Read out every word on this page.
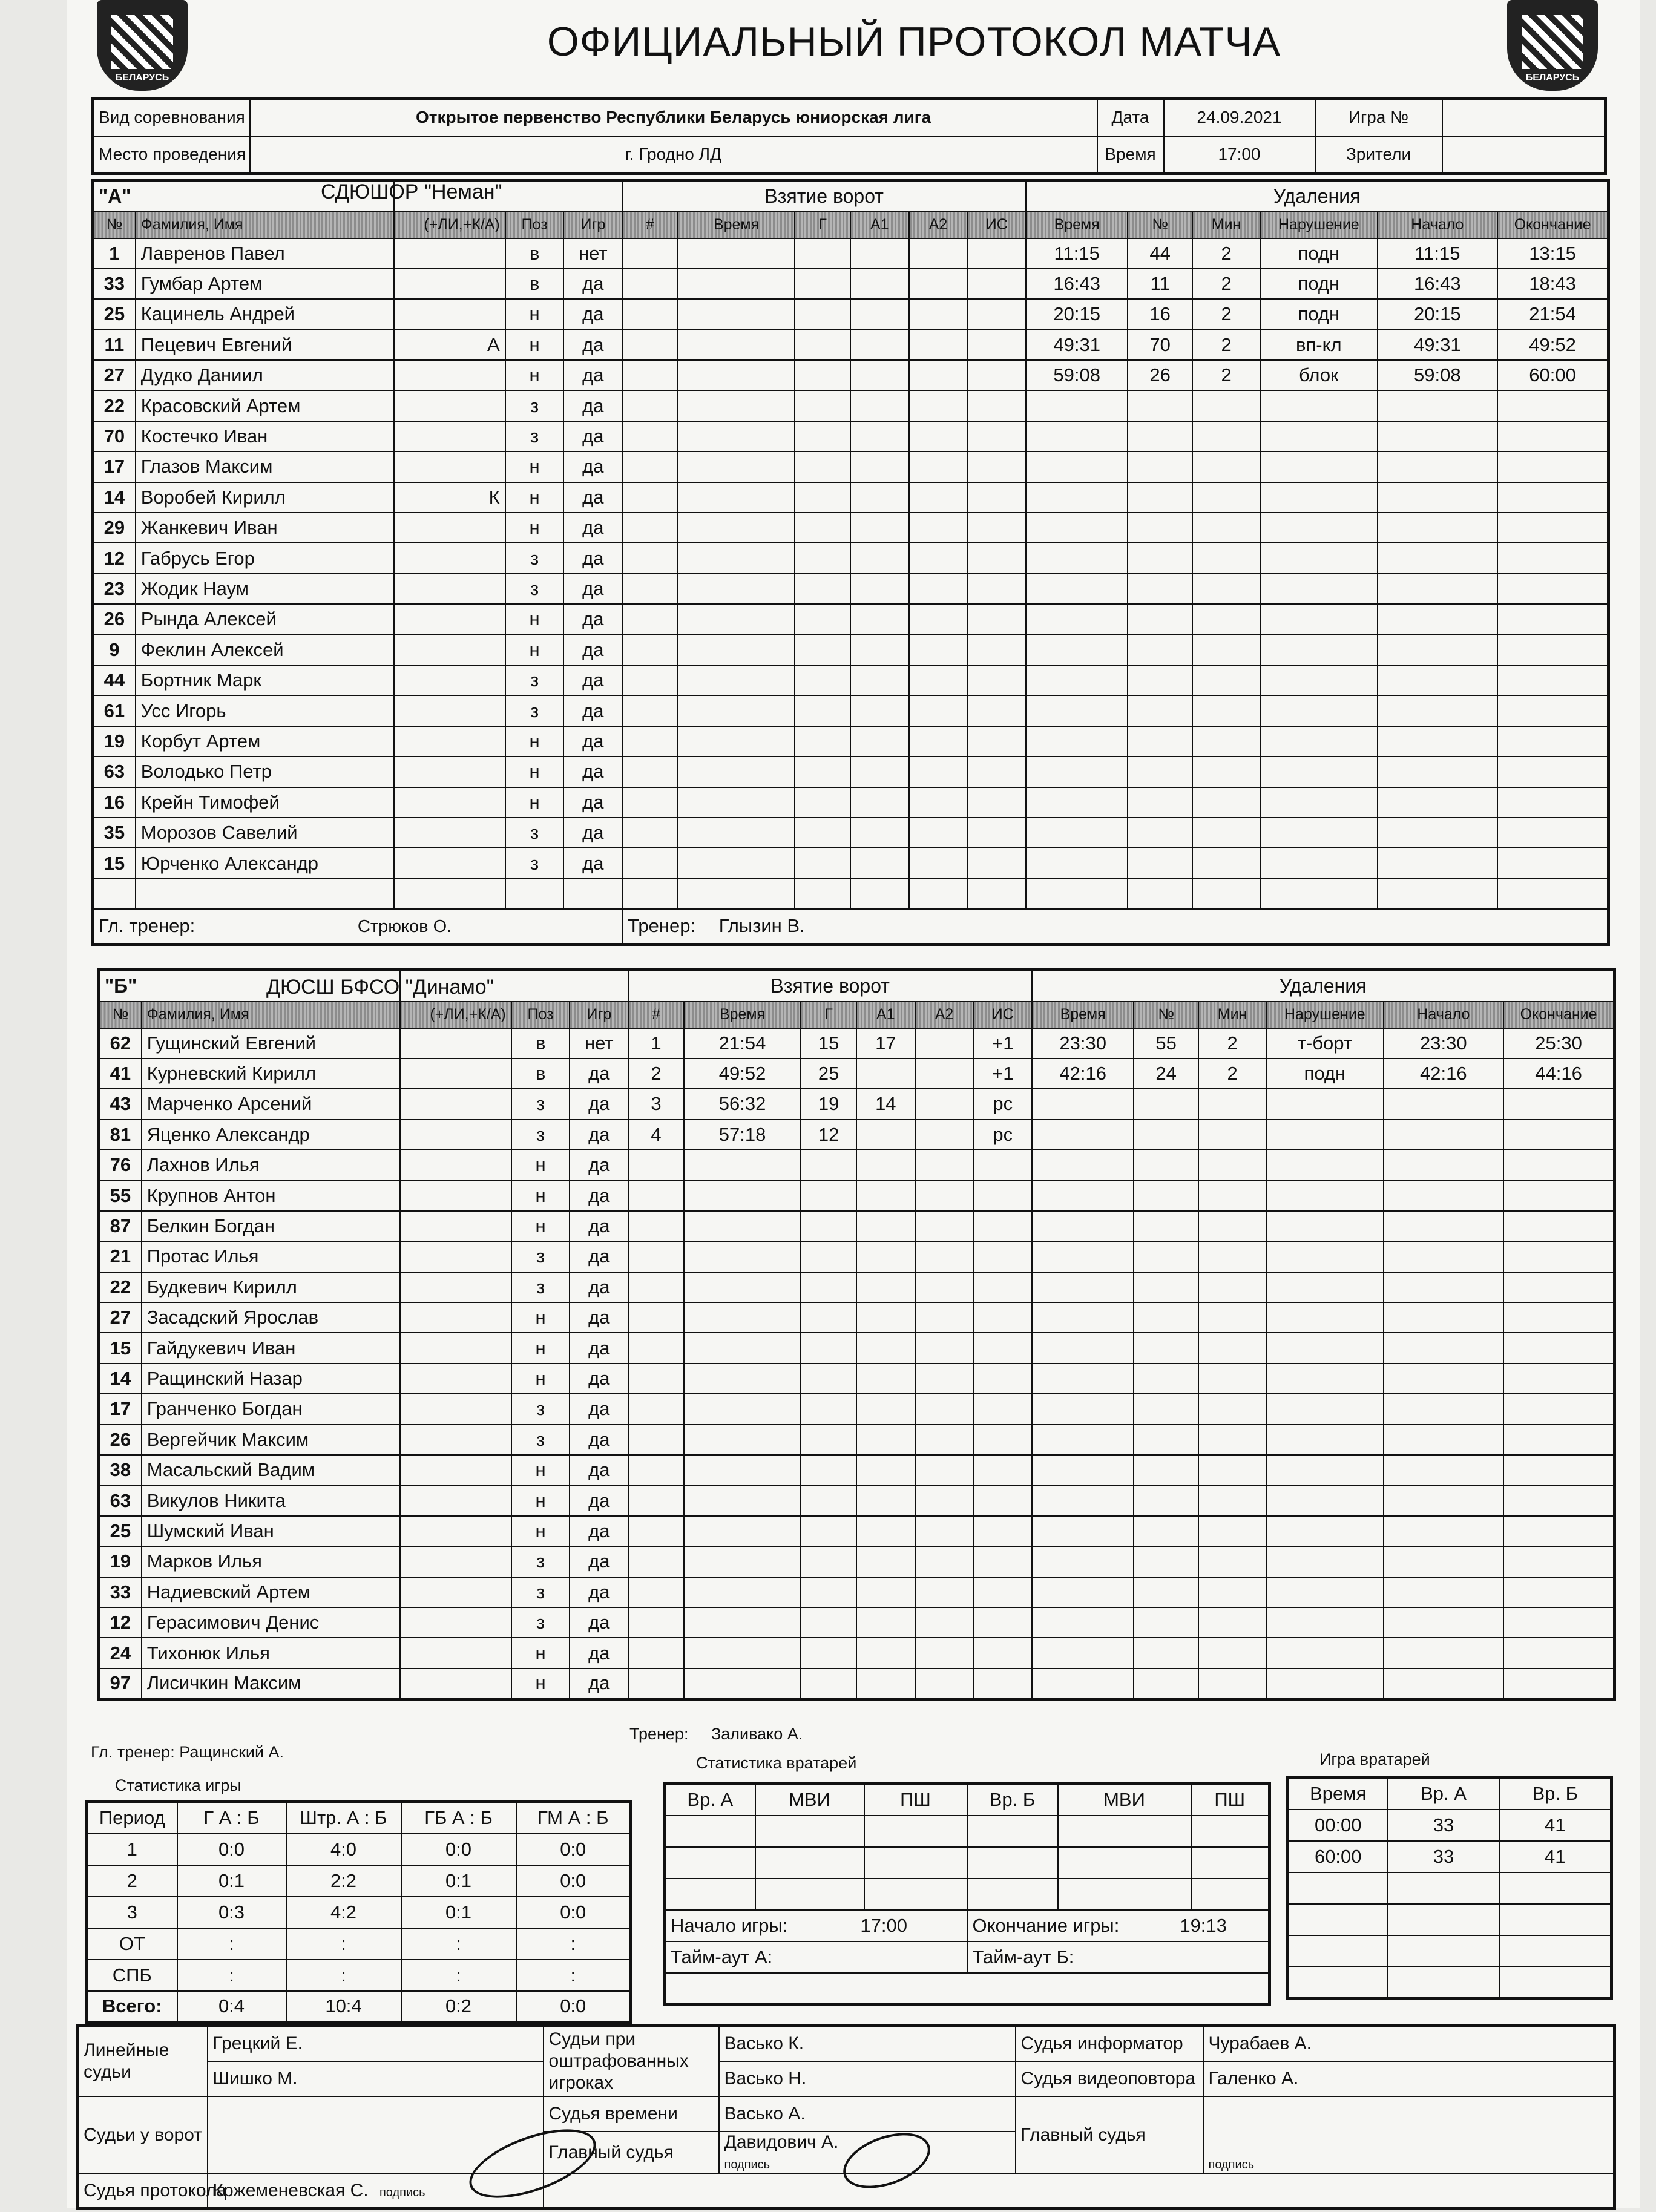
БЕЛАРУСЬ	БЕЛАРУСЬ
ОФИЦИАЛЬНЫЙ ПРОТОКОЛ МАТЧА
Вид соревнования	Открытое первенство Республики Беларусь юниорская лига	Дата	24.09.2021	Игра №	
Место проведения	г. Гродно ЛД	Время	17:00	Зрители	
"А"					Взятие ворот						Удаления					
№	Фамилия, Имя	(+ЛИ,+К/А)	Поз	Игр	#	Время	Г	А1	А2	ИС	Время	№	Мин	Нарушение	Начало	Окончание
1	Лавренов Павел		в	нет							11:15	44	2	подн	11:15	13:15
33	Гумбар Артем		в	да							16:43	11	2	подн	16:43	18:43
25	Кацинель Андрей		н	да							20:15	16	2	подн	20:15	21:54
11	Пецевич Евгений	А	н	да							49:31	70	2	вп-кл	49:31	49:52
27	Дудко Даниил		н	да							59:08	26	2	блок	59:08	60:00
22	Красовский Артем		з	да												
70	Костечко Иван		з	да												
17	Глазов Максим		н	да												
14	Воробей Кирилл	К	н	да												
29	Жанкевич Иван		н	да												
12	Габрусь Егор		з	да												
23	Жодик Наум		з	да												
26	Рында Алексей		н	да												
9	Феклин Алексей		н	да												
44	Бортник Марк		з	да												
61	Усс Игорь		з	да												
19	Корбут Артем		н	да												
63	Володько Петр		н	да												
16	Крейн Тимофей		н	да												
35	Морозов Савелий		з	да												
15	Юрченко Александр		з	да												

Гл. тренер: Стрюков О.					Тренер: Глызин В.											
СДЮШОР "Неман"
"Б"					Взятие ворот						Удаления					
№	Фамилия, Имя	(+ЛИ,+К/А)	Поз	Игр	#	Время	Г	А1	А2	ИС	Время	№	Мин	Нарушение	Начало	Окончание
62	Гущинский Евгений		в	нет	1	21:54	15	17		+1	23:30	55	2	т-борт	23:30	25:30
41	Курневский Кирилл		в	да	2	49:52	25			+1	42:16	24	2	подн	42:16	44:16
43	Марченко Арсений		з	да	3	56:32	19	14		рс						
81	Яценко Александр		з	да	4	57:18	12			рс						
76	Лахнов Илья		н	да												
55	Крупнов Антон		н	да												
87	Белкин Богдан		н	да												
21	Протас Илья		з	да												
22	Будкевич Кирилл		з	да												
27	Засадский Ярослав		н	да												
15	Гайдукевич Иван		н	да												
14	Ращинский Назар		н	да												
17	Гранченко Богдан		з	да												
26	Вергейчик Максим		з	да												
38	Масальский Вадим		н	да												
63	Викулов Никита		н	да												
25	Шумский Иван		н	да												
19	Марков Илья		з	да												
33	Надиевский Артем		з	да												
12	Герасимович Денис		з	да												
24	Тихонюк Илья		н	да												
97	Лисичкин Максим		н	да												
ДЮСШ БФСО "Динамо"
Гл. тренер: Ращинский А.
Тренер: Заливако А.
Статистика игры
Период	Г А : Б	Штр. А : Б	ГБ А : Б	ГМ А : Б
1	0:0	4:0	0:0	0:0
2	0:1	2:2	0:1	0:0
3	0:3	4:2	0:1	0:0
ОТ	:	:	:	:
СПБ	:	:	:	:
Всего:	0:4	10:4	0:2	0:0
Статистика вратарей
Вр. А	МВИ	ПШ	Вр. Б	МВИ	ПШ

Начало игры: 17:00			Окончание игры: 19:13		
Тайм-аут А:			Тайм-аут Б:		

Игра вратарей
Время	Вр. А	Вр. Б
00:00	33	41
60:00	33	41

Линейные судьи	Грецкий Е.	Судьи при оштрафованных игроках	Васько К.	Судья информатор	Чурабаев А.
	Шишко М.		Васько Н.	Судья видеоповтора	Галенко А.
Судьи у ворот		Судья времени	Васько А.	Главный судья	подпись
		Главный судья	Давидович А.
подпись		
Судья протокола	Кржеменевская С. подпись				
